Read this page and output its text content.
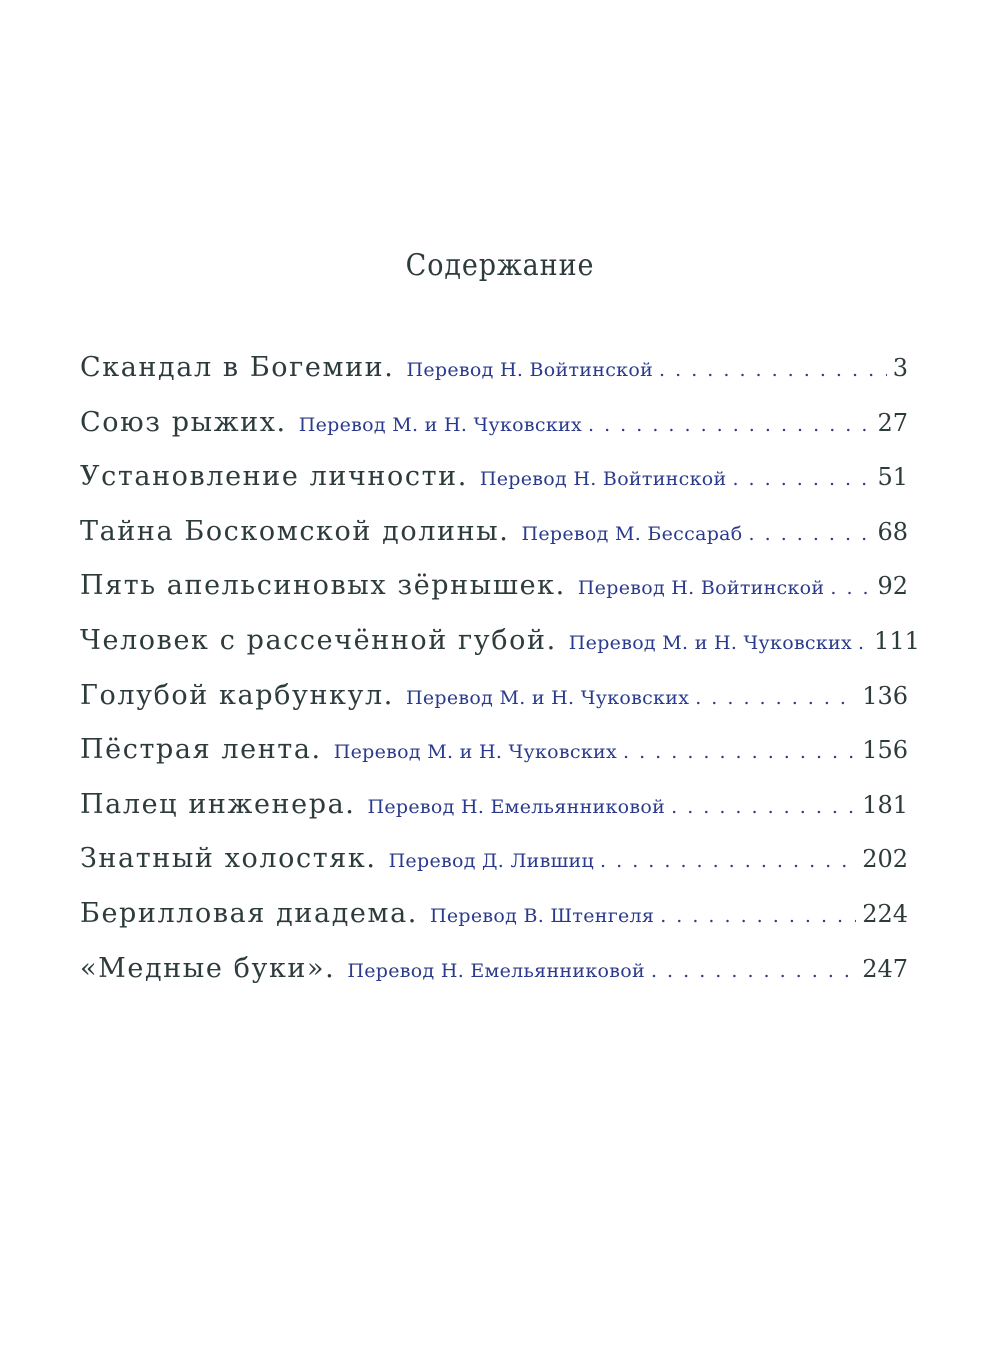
Содержание
Скандал в Богемии. Перевод Н. Войтинской . . .	3
Союз рыжих. Перевод М. и Н. Чуковских . . .	27
Установление личности. Перевод Н. Войтинской . . .	51
Тайна Боскомской долины. Перевод М. Бессараб . . .	68
Пять апельсиновых зёрнышек. Перевод Н. Войтинской . . . 92
Человек с рассечённой губой. Перевод М. и Н. Чуковских . . . 111
Голубой карбункул. Перевод М. и Н. Чуковских . . .	136
Пёстрая лента. Перевод М. и Н. Чуковских . . .	156
Палец инженера. Перевод Н. Емельянниковой . . .	181
Знатный холостяк. Перевод Д. Лившиц . . .	202
Берилловая диадема. Перевод В. Штенгеля . . .	224
«Медные буки». Перевод Н. Емельянниковой . . .	247
